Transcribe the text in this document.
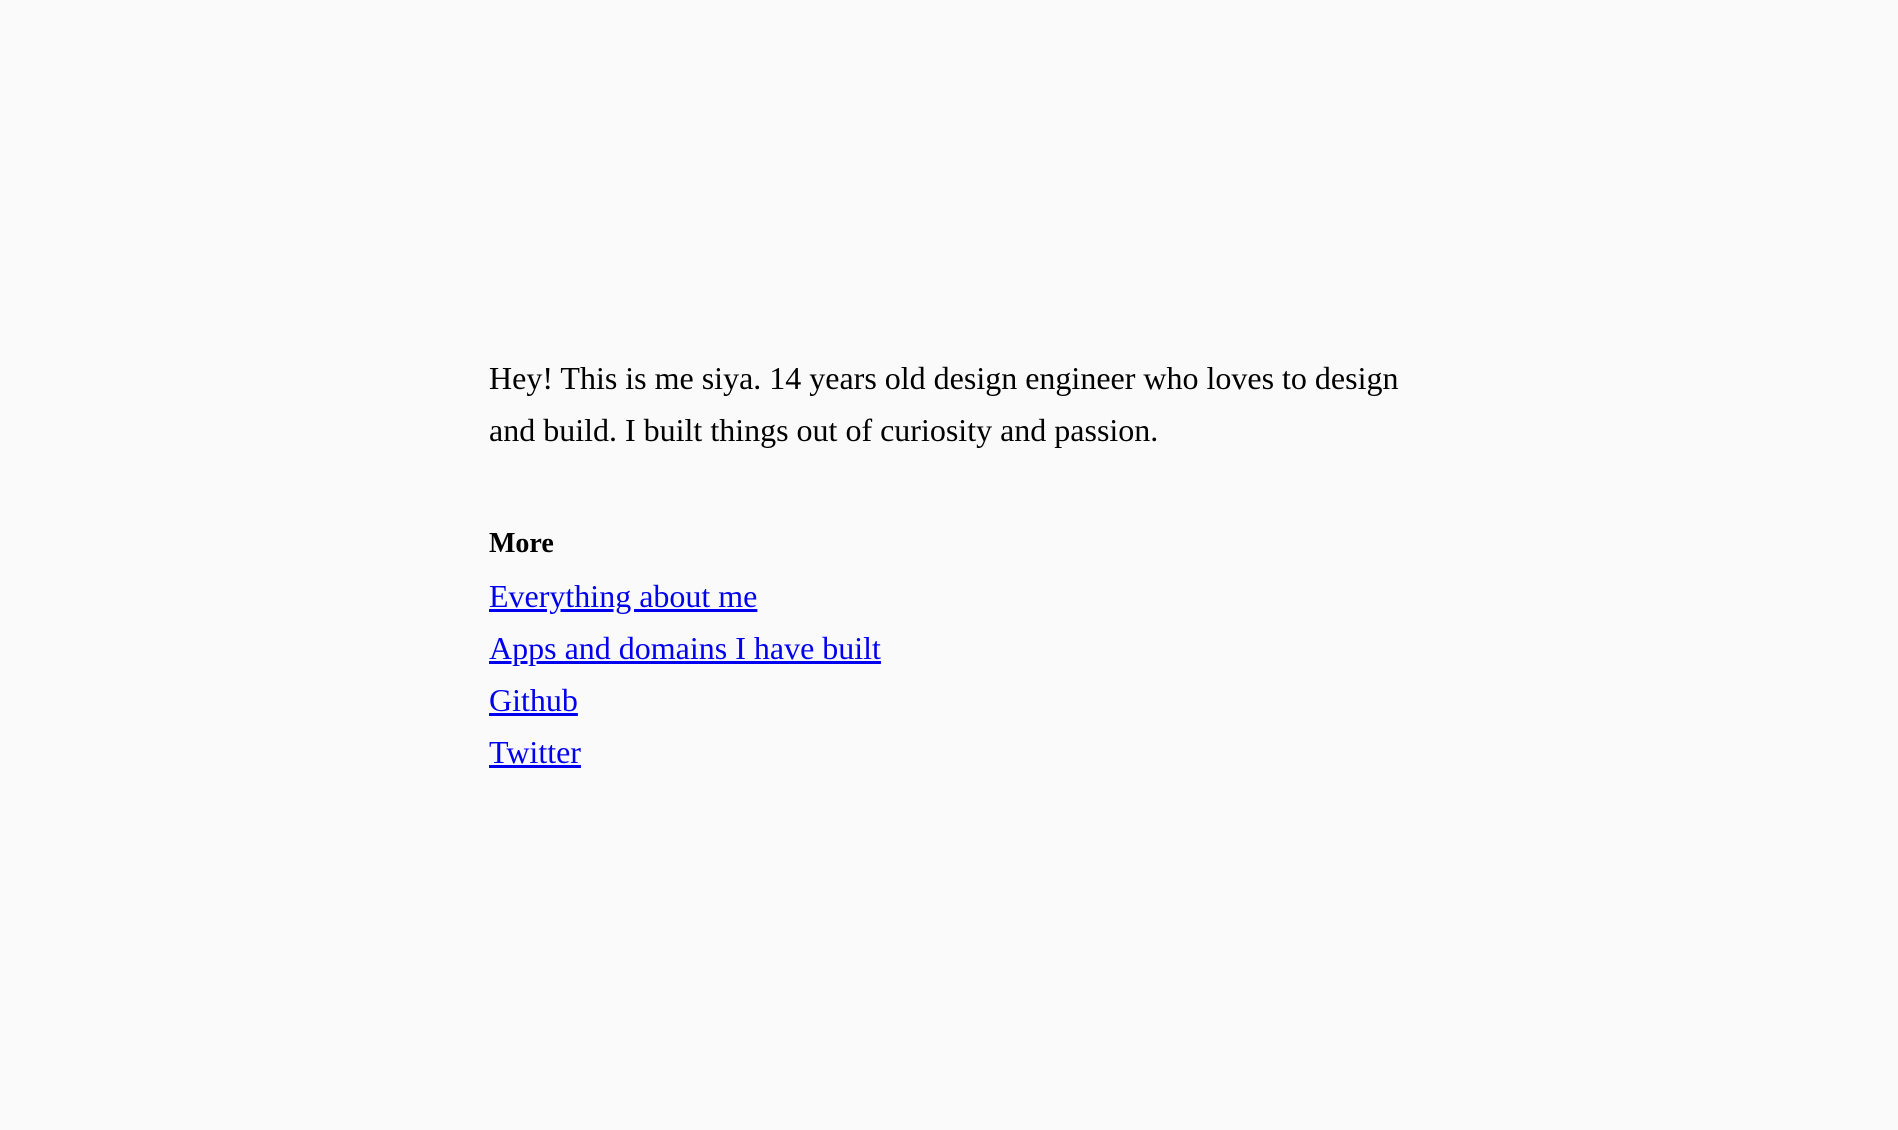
Hey! This is me siya. 14 years old design engineer who loves to design and build. I built things out of curiosity and passion.

More

Everything about me
Apps and domains I have built
Github
Twitter
